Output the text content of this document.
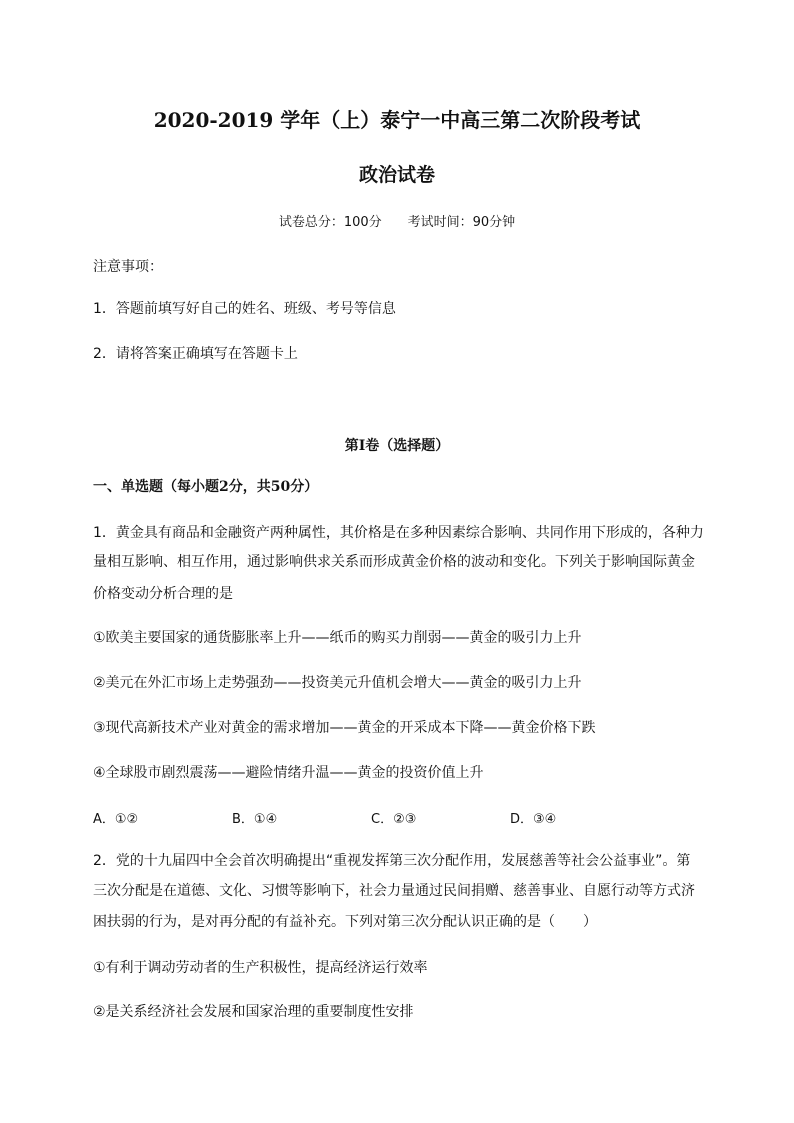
2020-2019 学年（上）泰宁一中高三第二次阶段考试
政治试卷
试卷总分：100分 考试时间：90分钟
注意事项：
1．答题前填写好自己的姓名、班级、考号等信息
2．请将答案正确填写在答题卡上
第I卷（选择题）
一、单选题（每小题2分，共50分）
1．黄金具有商品和金融资产两种属性，其价格是在多种因素综合影响、共同作用下形成的，各种力
量相互影响、相互作用，通过影响供求关系而形成黄金价格的波动和变化。下列关于影响国际黄金
价格变动分析合理的是
①欧美主要国家的通货膨胀率上升——纸币的购买力削弱——黄金的吸引力上升
②美元在外汇市场上走势强劲——投资美元升值机会增大——黄金的吸引力上升
③现代高新技术产业对黄金的需求增加——黄金的开采成本下降——黄金价格下跌
④全球股市剧烈震荡——避险情绪升温——黄金的投资价值上升
A．①②	B．①④	C．②③	D．③④
2．党的十九届四中全会首次明确提出“重视发挥第三次分配作用，发展慈善等社会公益事业”。第
三次分配是在道德、文化、习惯等影响下，社会力量通过民间捐赠、慈善事业、自愿行动等方式济
困扶弱的行为，是对再分配的有益补充。下列对第三次分配认识正确的是（　　）
①有利于调动劳动者的生产积极性，提高经济运行效率
②是关系经济社会发展和国家治理的重要制度性安排
